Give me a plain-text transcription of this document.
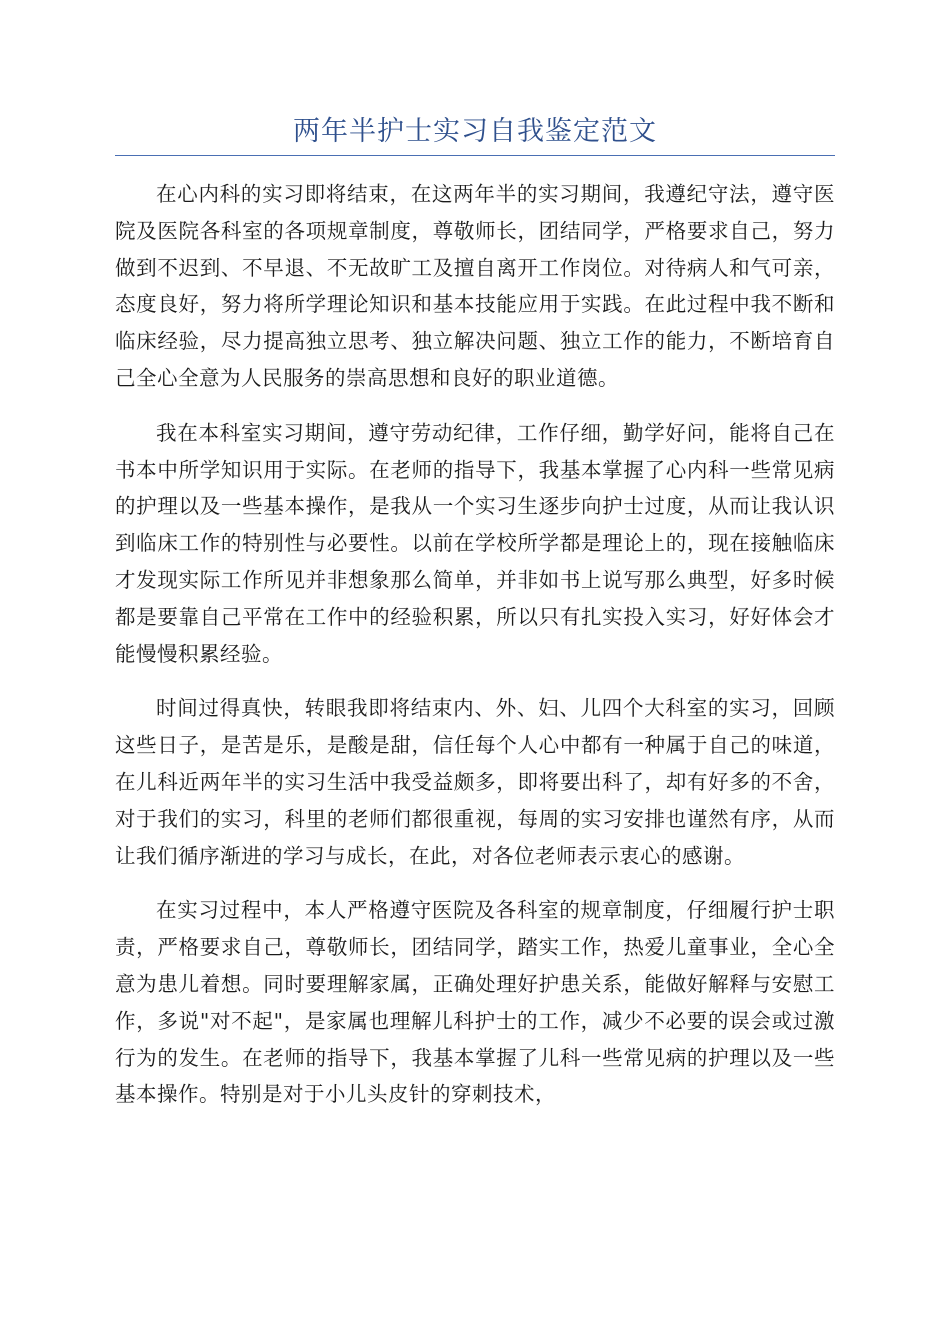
两年半护士实习自我鉴定范文

在心内科的实习即将结束，在这两年半的实习期间，我遵纪守法，遵守医院及医院各科室的各项规章制度，尊敬师长，团结同学，严格要求自己，努力做到不迟到、不早退、不无故旷工及擅自离开工作岗位。对待病人和气可亲，态度良好，努力将所学理论知识和基本技能应用于实践。在此过程中我不断和临床经验，尽力提高独立思考、独立解决问题、独立工作的能力，不断培育自己全心全意为人民服务的崇高思想和良好的职业道德。

我在本科室实习期间，遵守劳动纪律，工作仔细，勤学好问，能将自己在书本中所学知识用于实际。在老师的指导下，我基本掌握了心内科一些常见病的护理以及一些基本操作，是我从一个实习生逐步向护士过度，从而让我认识到临床工作的特别性与必要性。以前在学校所学都是理论上的，现在接触临床才发现实际工作所见并非想象那么简单，并非如书上说写那么典型，好多时候都是要靠自己平常在工作中的经验积累，所以只有扎实投入实习，好好体会才能慢慢积累经验。

时间过得真快，转眼我即将结束内、外、妇、儿四个大科室的实习，回顾这些日子，是苦是乐，是酸是甜，信任每个人心中都有一种属于自己的味道，在儿科近两年半的实习生活中我受益颇多，即将要出科了，却有好多的不舍，对于我们的实习，科里的老师们都很重视，每周的实习安排也谨然有序，从而让我们循序渐进的学习与成长，在此，对各位老师表示衷心的感谢。

在实习过程中，本人严格遵守医院及各科室的规章制度，仔细履行护士职责，严格要求自己，尊敬师长，团结同学，踏实工作，热爱儿童事业，全心全意为患儿着想。同时要理解家属，正确处理好护患关系，能做好解释与安慰工作，多说"对不起"，是家属也理解儿科护士的工作，减少不必要的误会或过激行为的发生。在老师的指导下，我基本掌握了儿科一些常见病的护理以及一些基本操作。特别是对于小儿头皮针的穿刺技术，
